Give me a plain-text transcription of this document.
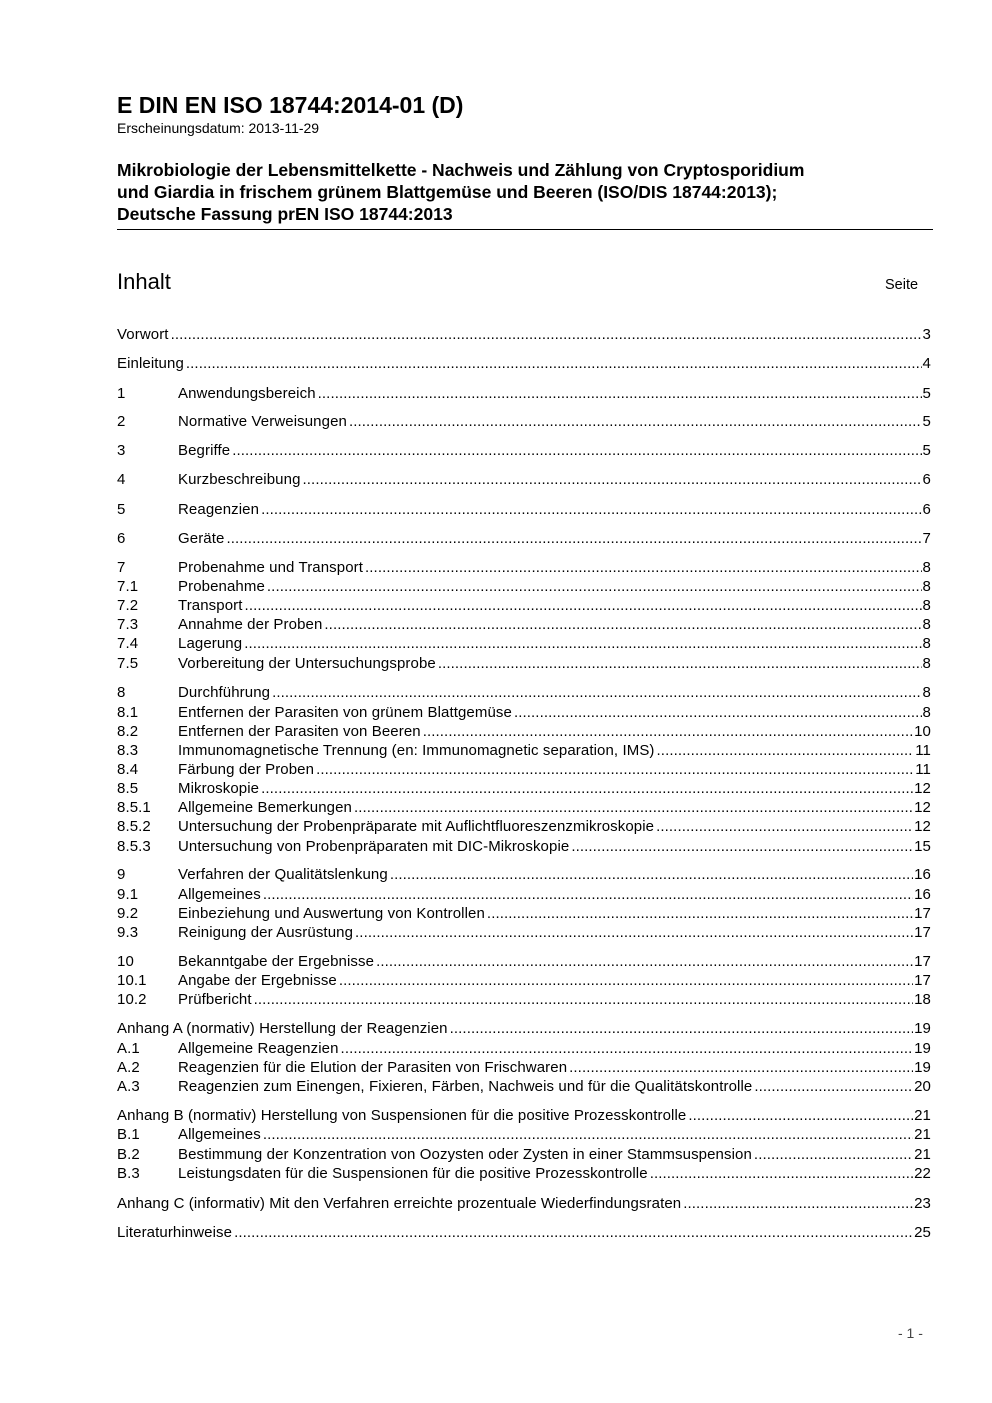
E DIN EN ISO 18744:2014-01 (D)
Erscheinungsdatum: 2013-11-29
Mikrobiologie der Lebensmittelkette - Nachweis und Zählung von Cryptosporidium
und Giardia in frischem grünem Blattgemüse und Beeren (ISO/DIS 18744:2013);
Deutsche Fassung prEN ISO 18744:2013
Inhalt	Seite
Vorwort .....	3
Einleitung .....	4
1	Anwendungsbereich .....	5
2	Normative Verweisungen .....	5
3	Begriffe .....	5
4	Kurzbeschreibung .....	6
5	Reagenzien .....	6
6	Geräte .....	7
7	Probenahme und Transport .....	8
7.1	Probenahme .....	8
7.2	Transport .....	8
7.3	Annahme der Proben .....	8
7.4	Lagerung .....	8
7.5	Vorbereitung der Untersuchungsprobe .....	8
8	Durchführung .....	8
8.1	Entfernen der Parasiten von grünem Blattgemüse .....	8
8.2	Entfernen der Parasiten von Beeren .....	10
8.3	Immunomagnetische Trennung (en: Immunomagnetic separation, IMS) .....	11
8.4	Färbung der Proben .....	11
8.5	Mikroskopie .....	12
8.5.1	Allgemeine Bemerkungen .....	12
8.5.2	Untersuchung der Probenpräparate mit Auflichtfluoreszenzmikroskopie .....	12
8.5.3	Untersuchung von Probenpräparaten mit DIC-Mikroskopie .....	15
9	Verfahren der Qualitätslenkung .....	16
9.1	Allgemeines .....	16
9.2	Einbeziehung und Auswertung von Kontrollen .....	17
9.3	Reinigung der Ausrüstung .....	17
10	Bekanntgabe der Ergebnisse .....	17
10.1	Angabe der Ergebnisse .....	17
10.2	Prüfbericht .....	18
Anhang A (normativ) Herstellung der Reagenzien .....	19
A.1	Allgemeine Reagenzien .....	19
A.2	Reagenzien für die Elution der Parasiten von Frischwaren .....	19
A.3	Reagenzien zum Einengen, Fixieren, Färben, Nachweis und für die Qualitätskontrolle .....	20
Anhang B (normativ) Herstellung von Suspensionen für die positive Prozesskontrolle .....	21
B.1	Allgemeines .....	21
B.2	Bestimmung der Konzentration von Oozysten oder Zysten in einer Stammsuspension .....	21
B.3	Leistungsdaten für die Suspensionen für die positive Prozesskontrolle .....	22
Anhang C (informativ) Mit den Verfahren erreichte prozentuale Wiederfindungsraten .....	23
Literaturhinweise .....	25
- 1 -
